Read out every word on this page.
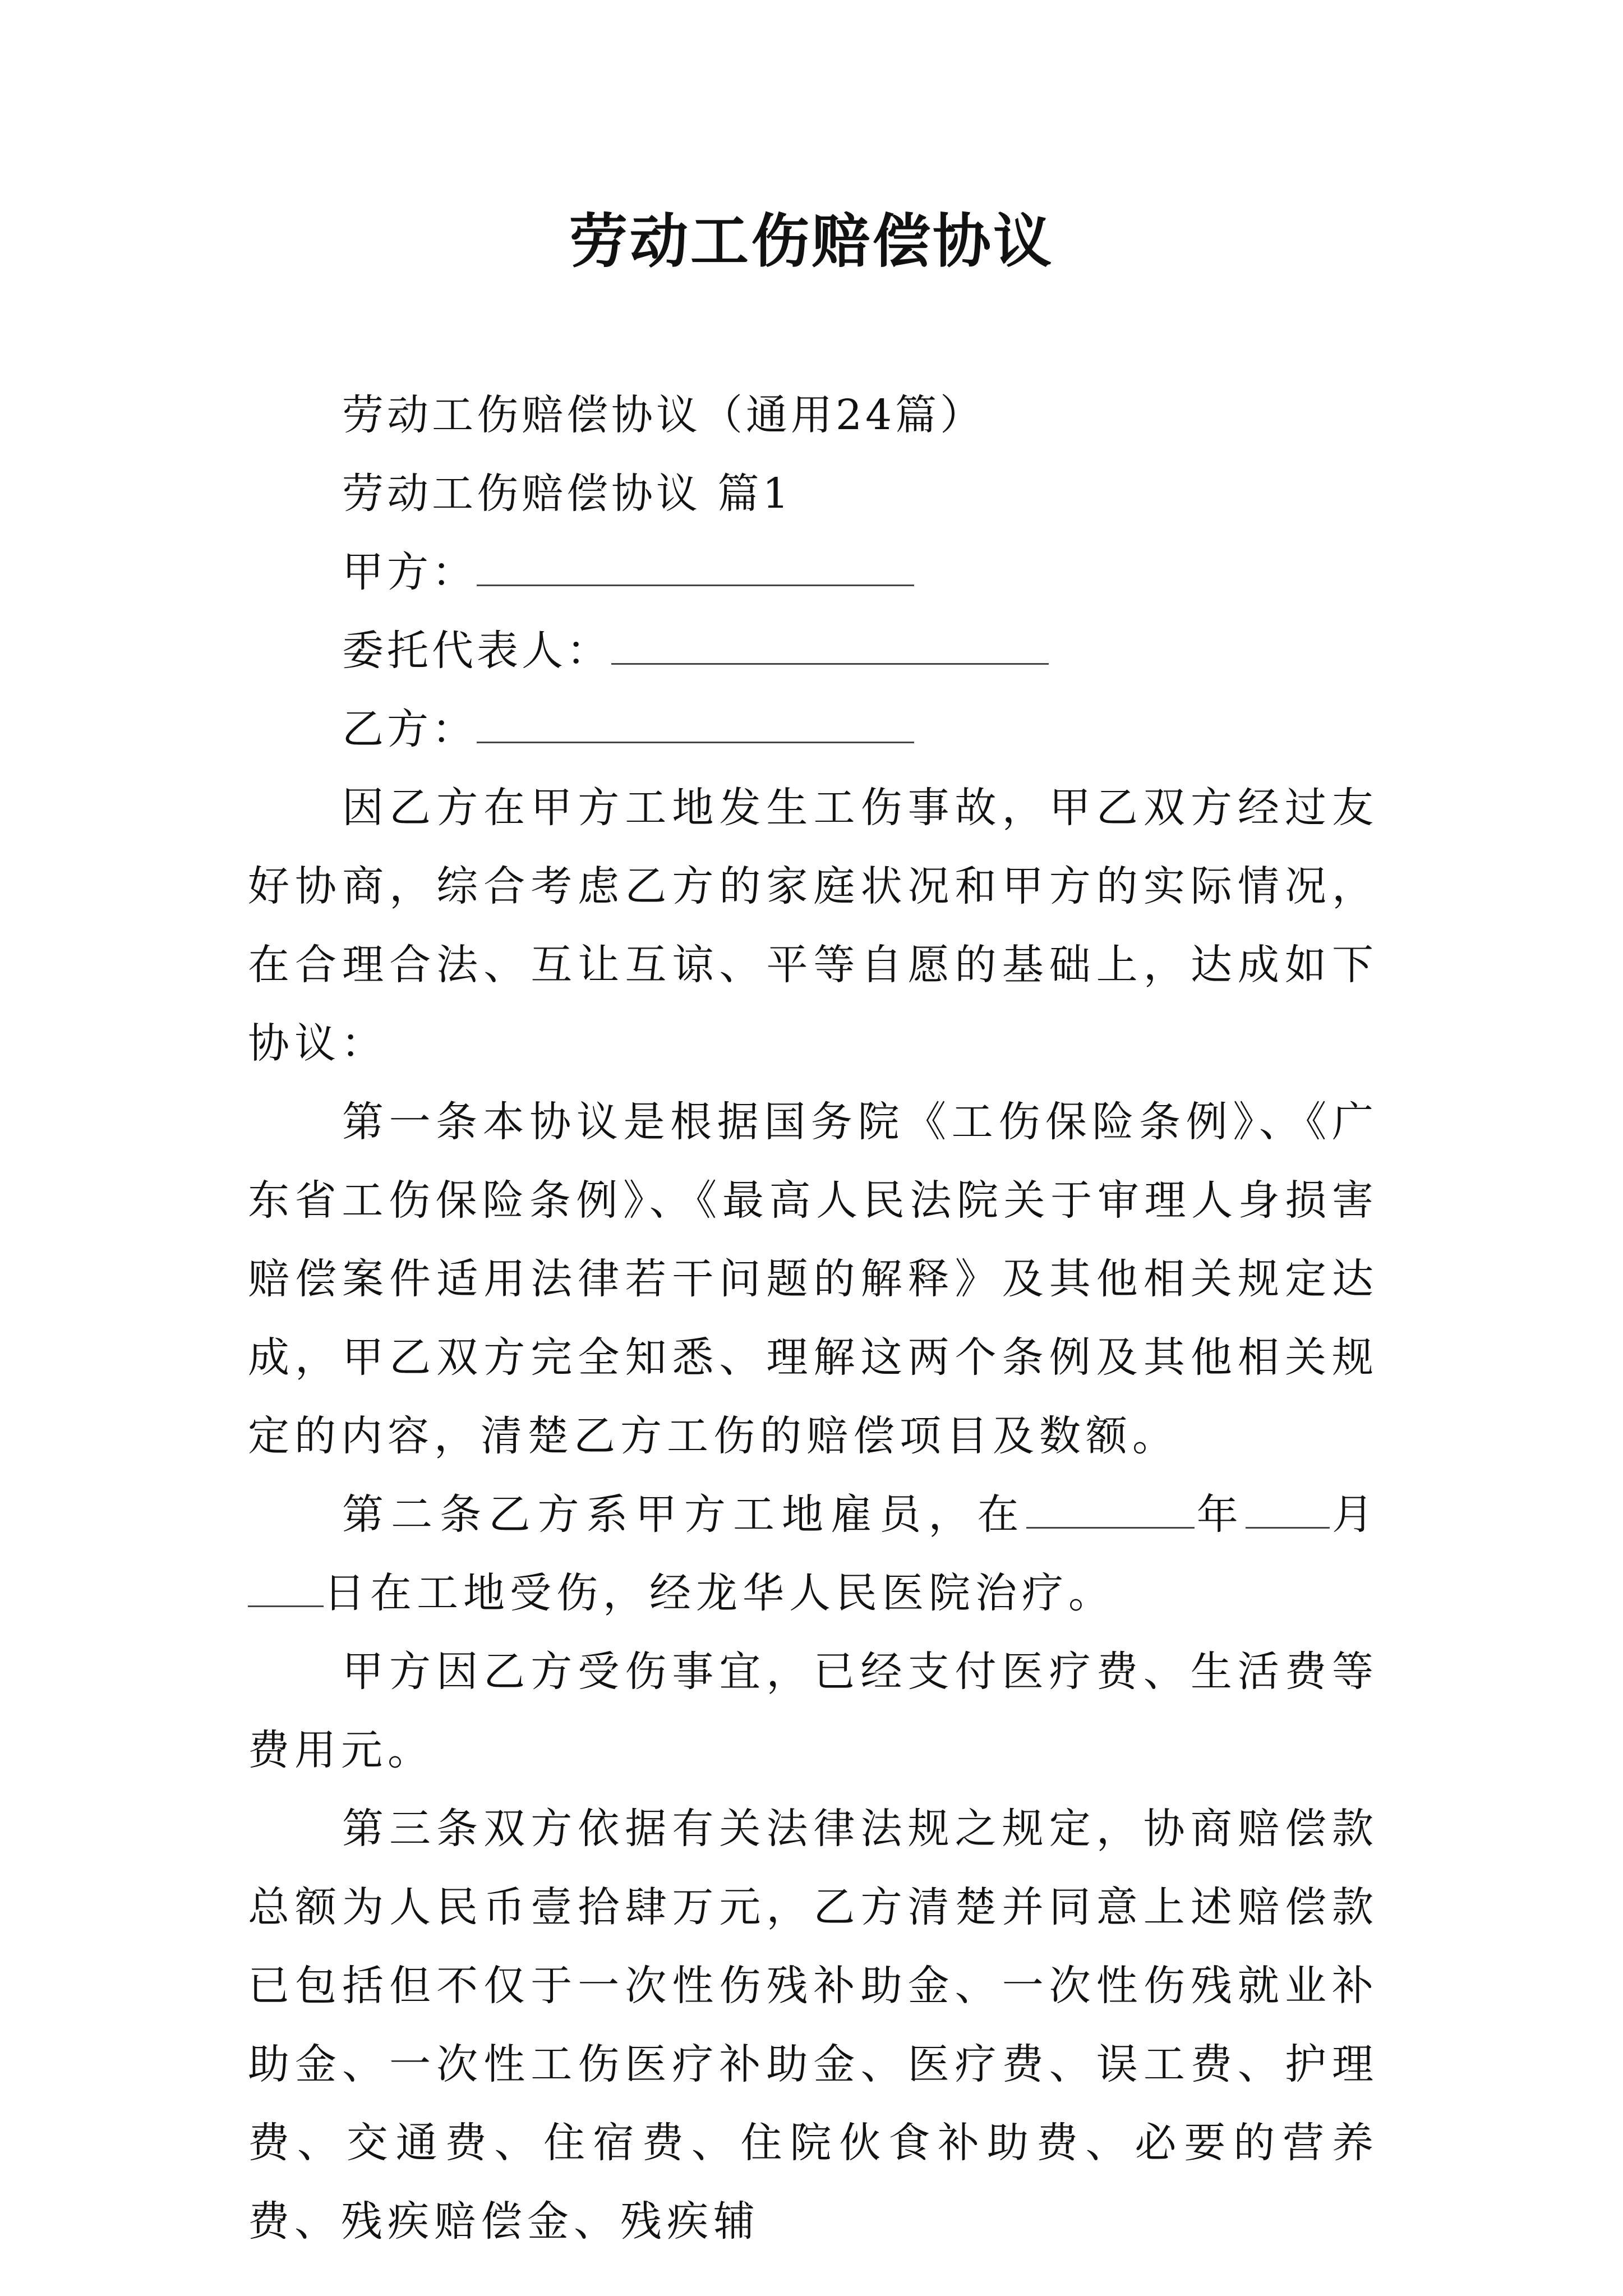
劳动工伤赔偿协议
劳动工伤赔偿协议（通用24篇）
劳动工伤赔偿协议 篇1
甲方：
委托代表人：
乙方：

因乙方在甲方工地发生工伤事故，甲乙双方经过友好协商，综合考虑乙方的家庭状况和甲方的实际情况，在合理合法、互让互谅、平等自愿的基础上，达成如下协议：

第一条本协议是根据国务院《工伤保险条例》、《广东省工伤保险条例》、《最高人民法院关于审理人身损害赔偿案件适用法律若干问题的解释》及其他相关规定达成，甲乙双方完全知悉、理解这两个条例及其他相关规定的内容，清楚乙方工伤的赔偿项目及数额。

第二条乙方系甲方工地雇员，在	年 月日在工地受伤，经龙华人民医院治疗。

甲方因乙方受伤事宜，已经支付医疗费、生活费等费用元。

第三条双方依据有关法律法规之规定，协商赔偿款总额为人民币壹拾肆万元，乙方清楚并同意上述赔偿款已包括但不仅于一次性伤残补助金、一次性伤残就业补助金、一次性工伤医疗补助金、医疗费、误工费、护理费、交通费、住宿费、住院伙食补助费、必要的营养费、残疾赔偿金、残疾辅
